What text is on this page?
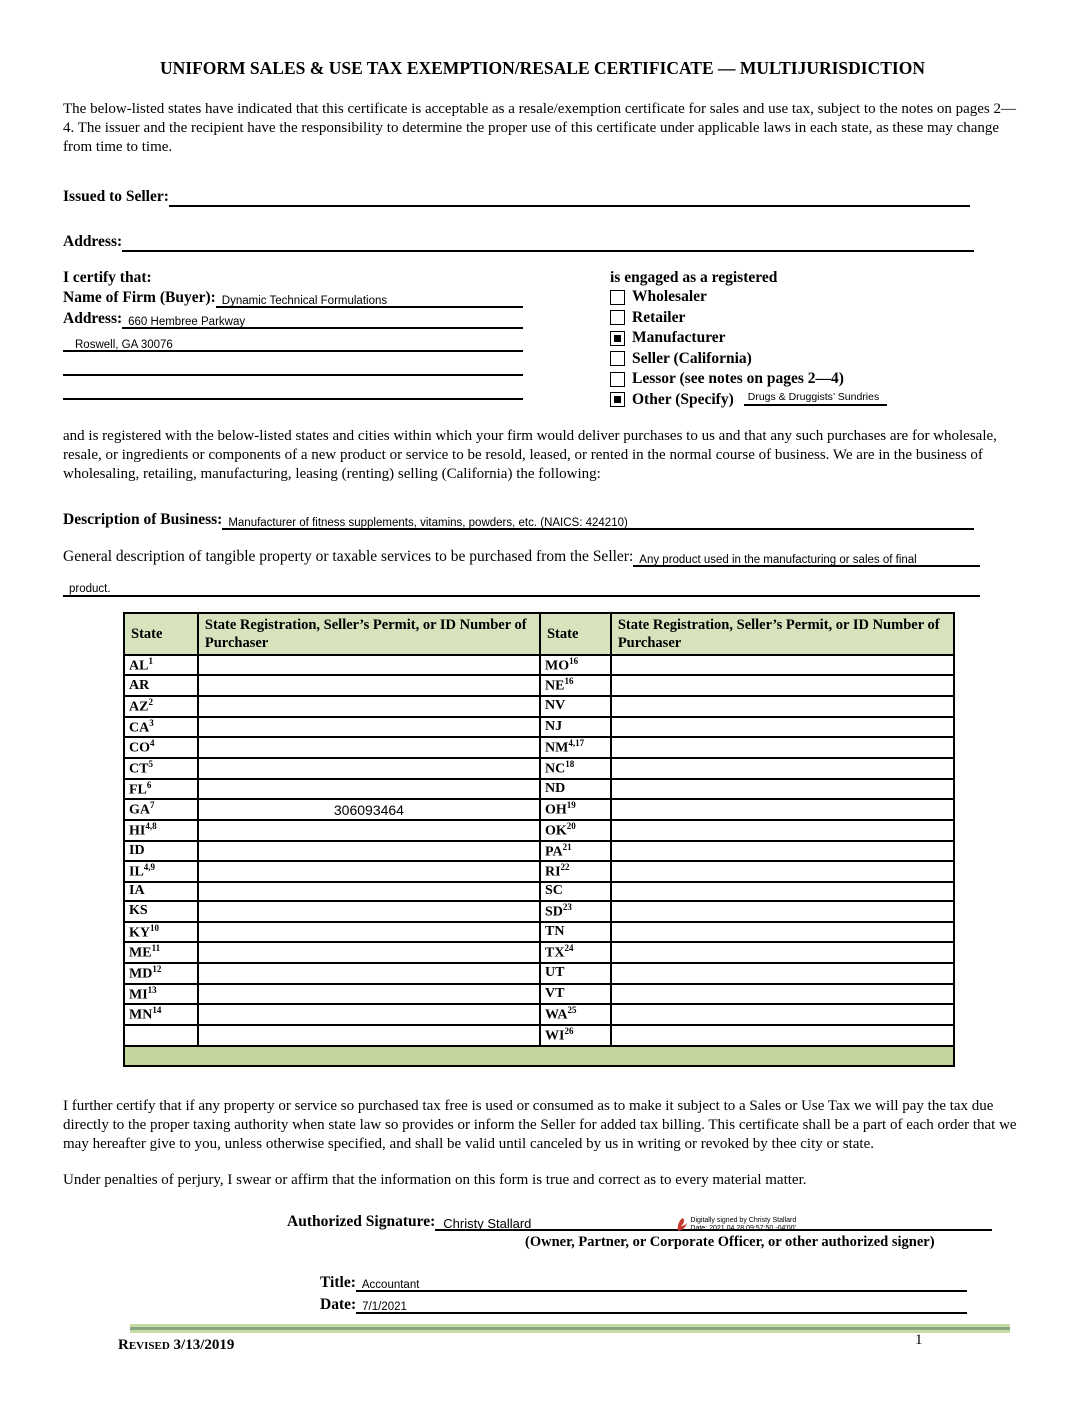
UNIFORM SALES & USE TAX EXEMPTION/RESALE CERTIFICATE — MULTIJURISDICTION

The below-listed states have indicated that this certificate is acceptable as a resale/exemption certificate for sales and use tax, subject to the notes on pages 2—4. The issuer and the recipient have the responsibility to determine the proper use of this certificate under applicable laws in each state, as these may change from time to time.

Issued to Seller:
Address:
I certify that:
Name of Firm (Buyer): Dynamic Technical Formulations
Address: 660 Hembree Parkway
Roswell, GA 30076
is engaged as a registered
Wholesaler
Retailer
Manufacturer
Seller (California)
Lessor (see notes on pages 2—4)
Other (Specify)	Drugs & Druggists’ Sundries

and is registered with the below-listed states and cities within which your firm would deliver purchases to us and that any such purchases are for wholesale, resale, or ingredients or components of a new product or service to be resold, leased, or rented in the normal course of business. We are in the business of wholesaling, retailing, manufacturing, leasing (renting) selling (California) the following:

Description of Business: Manufacturer of fitness supplements, vitamins, powders, etc. (NAICS: 424210)
General description of tangible property or taxable services to be purchased from the Seller: Any product used in the manufacturing or sales of final
product.
State	State Registration, Seller’s Permit, or ID Number of Purchaser	State	State Registration, Seller’s Permit, or ID Number of Purchaser
$AL^1$		MO$^{16}$	
AR		NE$^{16}$	
$AZ^2$		NV	
$CA^3$		NJ	
$CO^4$		NM$^{4,17}$	
$CT^5$		NC$^{18}$	
$FL^6$		ND	
$GA^7$	306093464	OH$^{19}$	
HI$^{4,8}$		OK$^{20}$	
ID		PA$^{21}$	
IL$^{4,9}$		RI$^{22}$	
IA		SC	
KS		SD$^{23}$	
KY$^{10}$		TN	
ME$^{11}$		TX$^{24}$	
MD$^{12}$		UT	
MI$^{13}$		VT	
MN$^{14}$		WA$^{25}$	
		WI$^{26}$	

I further certify that if any property or service so purchased tax free is used or consumed as to make it subject to a Sales or Use Tax we will pay the tax due directly to the proper taxing authority when state law so provides or inform the Seller for added tax billing. This certificate shall be a part of each order that we may hereafter give to you, unless otherwise specified, and shall be valid until canceled by us in writing or revoked by thee city or state.

Under penalties of perjury, I swear or affirm that the information on this form is true and correct as to every material matter.

Authorized Signature: Christy Stallard	Digitally signed by Christy Stallard
Date: 2021.04.28 09:57:50 -04'00'
(Owner, Partner, or Corporate Officer, or other authorized signer)
Title: Accountant
Date: 7/1/2021
Revised 3/13/2019	1
